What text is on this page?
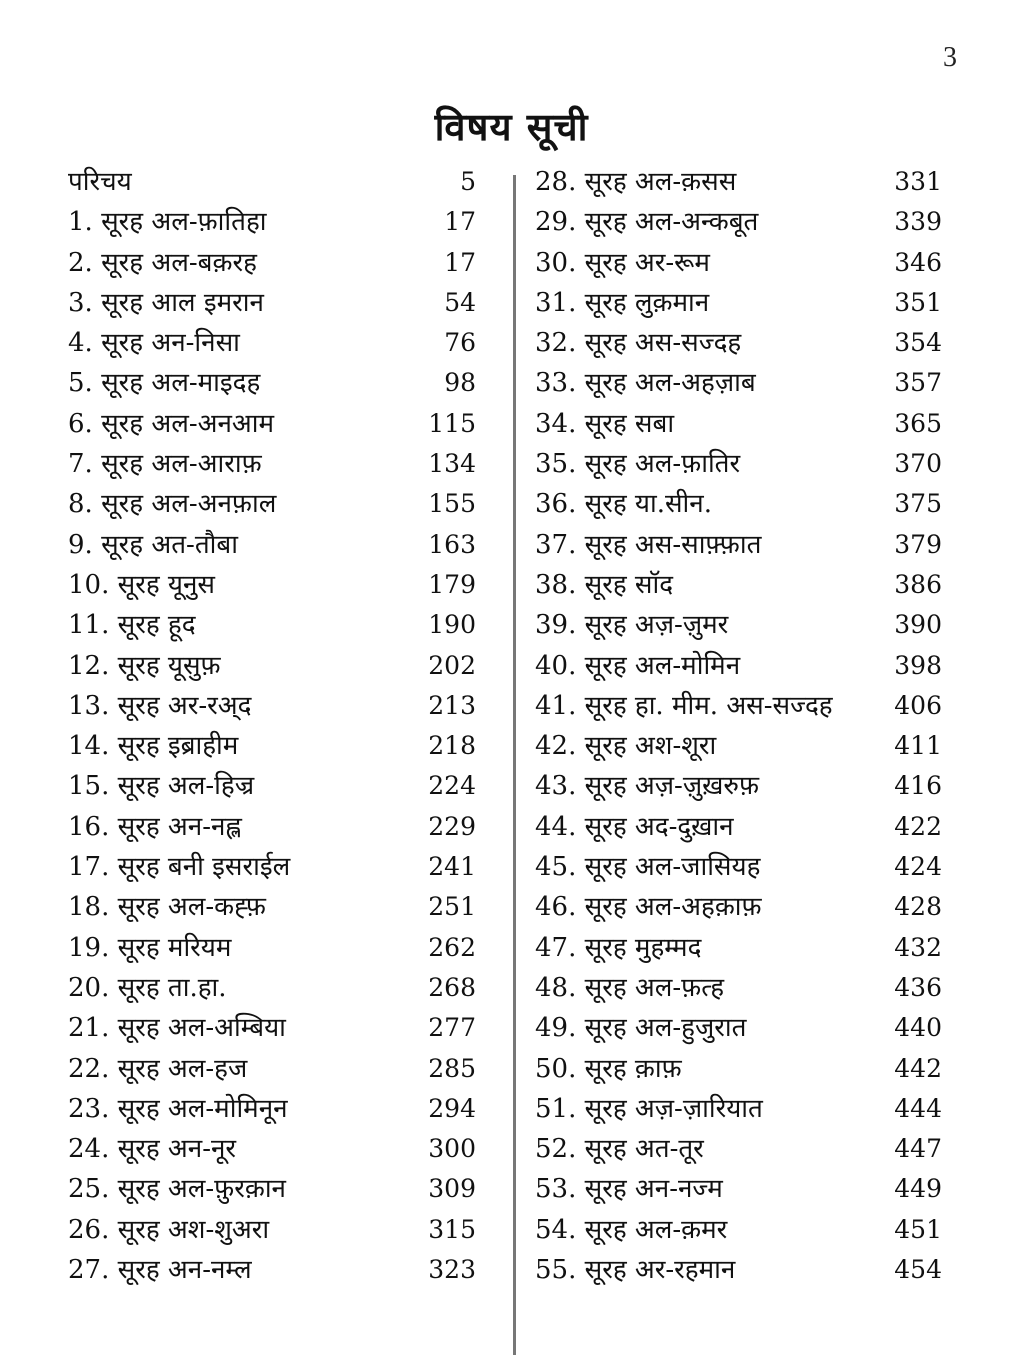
3
विषय सूची
परिचय	5
1. सूरह अल-फ़ातिहा	17
2. सूरह अल-बक़रह	17
3. सूरह आल इमरान	54
4. सूरह अन-निसा	76
5. सूरह अल-माइदह	98
6. सूरह अल-अनआम	115
7. सूरह अल-आराफ़	134
8. सूरह अल-अनफ़ाल	155
9. सूरह अत-तौबा	163
10. सूरह यूनुस	179
11. सूरह हूद	190
12. सूरह यूसुफ़	202
13. सूरह अर-रअ्द	213
14. सूरह इब्राहीम	218
15. सूरह अल-हिज्र	224
16. सूरह अन-नह्ल	229
17. सूरह बनी इसराईल	241
18. सूरह अल-कह्फ़	251
19. सूरह मरियम	262
20. सूरह ता.हा.	268
21. सूरह अल-अम्बिया	277
22. सूरह अल-हज	285
23. सूरह अल-मोमिनून	294
24. सूरह अन-नूर	300
25. सूरह अल-फ़ुरक़ान	309
26. सूरह अश-शुअरा	315
27. सूरह अन-नम्ल	323
28. सूरह अल-क़सस	331
29. सूरह अल-अन्कबूत	339
30. सूरह अर-रूम	346
31. सूरह लुक़मान	351
32. सूरह अस-सज्दह	354
33. सूरह अल-अहज़ाब	357
34. सूरह सबा	365
35. सूरह अल-फ़ातिर	370
36. सूरह या.सीन.	375
37. सूरह अस-साफ़्फ़ात	379
38. सूरह सॉद	386
39. सूरह अज़-ज़ुमर	390
40. सूरह अल-मोमिन	398
41. सूरह हा. मीम. अस-सज्दह 406
42. सूरह अश-शूरा	411
43. सूरह अज़-ज़ुख़रुफ़	416
44. सूरह अद-दुख़ान	422
45. सूरह अल-जासियह	424
46. सूरह अल-अहक़ाफ़	428
47. सूरह मुहम्मद	432
48. सूरह अल-फ़त्ह	436
49. सूरह अल-हुजुरात	440
50. सूरह क़ाफ़	442
51. सूरह अज़-ज़ारियात	444
52. सूरह अत-तूर	447
53. सूरह अन-नज्म	449
54. सूरह अल-क़मर	451
55. सूरह अर-रहमान	454
